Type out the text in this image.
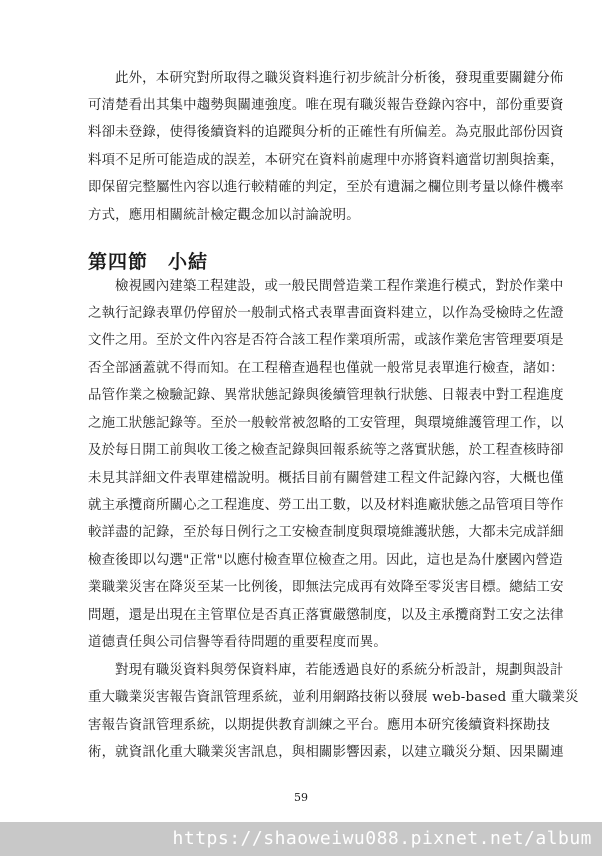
此外，本研究對所取得之職災資料進行初步統計分析後，發現重要關鍵分佈
可清楚看出其集中趨勢與關連強度。唯在現有職災報告登錄內容中，部份重要資
料卻未登錄，使得後續資料的追蹤與分析的正確性有所偏差。為克服此部份因資
料項不足所可能造成的誤差，本研究在資料前處理中亦將資料適當切割與捨棄，
即保留完整屬性內容以進行較精確的判定，至於有遺漏之欄位則考量以條件機率
方式，應用相關統計檢定觀念加以討論說明。
第四節　小結
檢視國內建築工程建設，或一般民間營造業工程作業進行模式，對於作業中
之執行記錄表單仍停留於一般制式格式表單書面資料建立，以作為受檢時之佐證
文件之用。至於文件內容是否符合該工程作業項所需，或該作業危害管理要項是
否全部涵蓋就不得而知。在工程稽查過程也僅就一般常見表單進行檢查，諸如：
品管作業之檢驗記錄、異常狀態記錄與後續管理執行狀態、日報表中對工程進度
之施工狀態記錄等。至於一般較常被忽略的工安管理，與環境維護管理工作，以
及於每日開工前與收工後之檢查記錄與回報系統等之落實狀態，於工程查核時卻
未見其詳細文件表單建檔說明。概括目前有關營建工程文件記錄內容，大概也僅
就主承攬商所關心之工程進度、勞工出工數，以及材料進廠狀態之品管項目等作
較詳盡的記錄，至於每日例行之工安檢查制度與環境維護狀態，大都未完成詳細
檢查後即以勾選"正常"以應付檢查單位檢查之用。因此，這也是為什麼國內營造
業職業災害在降災至某一比例後，即無法完成再有效降至零災害目標。總結工安
問題，還是出現在主管單位是否真正落實嚴懲制度，以及主承攬商對工安之法律
道德責任與公司信譽等看待問題的重要程度而異。
對現有職災資料與勞保資料庫，若能透過良好的系統分析設計，規劃與設計
重大職業災害報告資訊管理系統，並利用網路技術以發展 web-based 重大職業災
害報告資訊管理系統，以期提供教育訓練之平台。應用本研究後續資料探勘技
術，就資訊化重大職業災害訊息，與相關影響因素，以建立職災分類、因果關連
59
https://shaoweiwu088.pixnet.net/album
